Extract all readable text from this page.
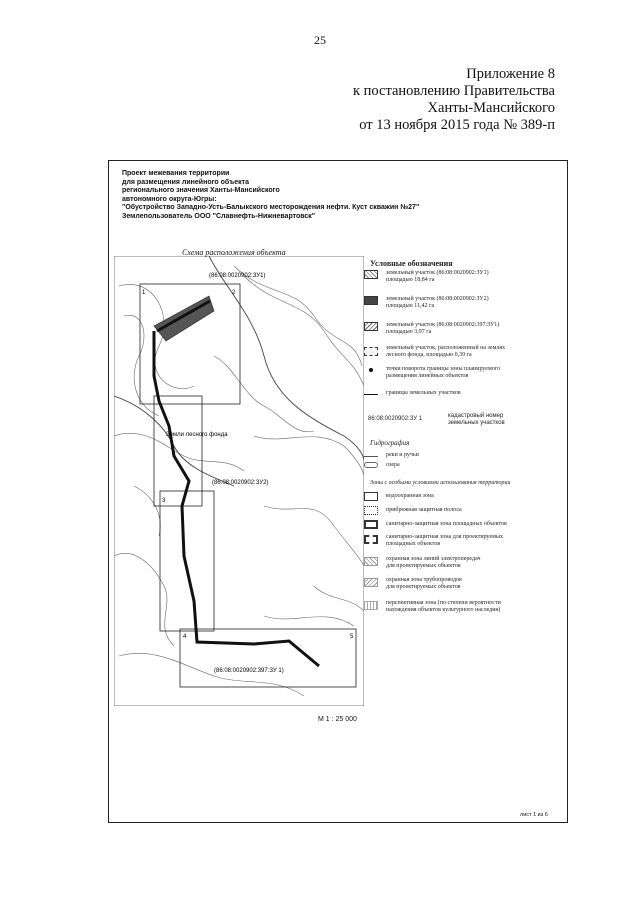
25
Приложение 8
к постановлению Правительства
Ханты-Мансийского
от 13 ноября 2015 года № 389-п
Проект межевания территории
для размещения линейного объекта
регионального значения Ханты-Мансийского
автономного округа-Югры:
"Обустройство Западно-Усть-Балыкского месторождения нефти. Куст скважин №27"
Землепользователь ООО "Славнефть-Нижневартовск"
Схема расположения объекта
(86:08:0020902:ЗУ1)
Земли лесного фонда
(86:08:0020902:ЗУ2)
(86:08:0020902:397:ЗУ 1)
1	2
3
4	5
М 1 : 25 000
Условные обозначения
земельный участок (86:08:0020902:ЗУ1)
площадью 18,84 га
земельный участок (86:08:0020902:ЗУ2)
площадью 11,42 га
земельный участок (86:08:0020902:397:ЗУ1)
площадью 3,97 га
земельный участок, расположенный на землях
лесного фонда, площадью 0,39 га
точки поворота границы зоны планируемого
размещения линейных объектов
границы земельных участков
86:08:0020902:ЗУ 1	кадастровый номер
земельных участков
Гидрография
реки и ручьи
озера
Зоны с особыми условиями использования территории
водоохранная зона
прибрежная защитная полоса
санитарно-защитная зона площадных объектов
санитарно-защитная зона для проектируемых
площадных объектов
охранная зона линий электропередач
для проектируемых объектов
охранная зона трубопроводов
для проектируемых объектов
перспективная зона (по степени вероятности
нахождения объектов культурного наследия)
лист 1 из 6
